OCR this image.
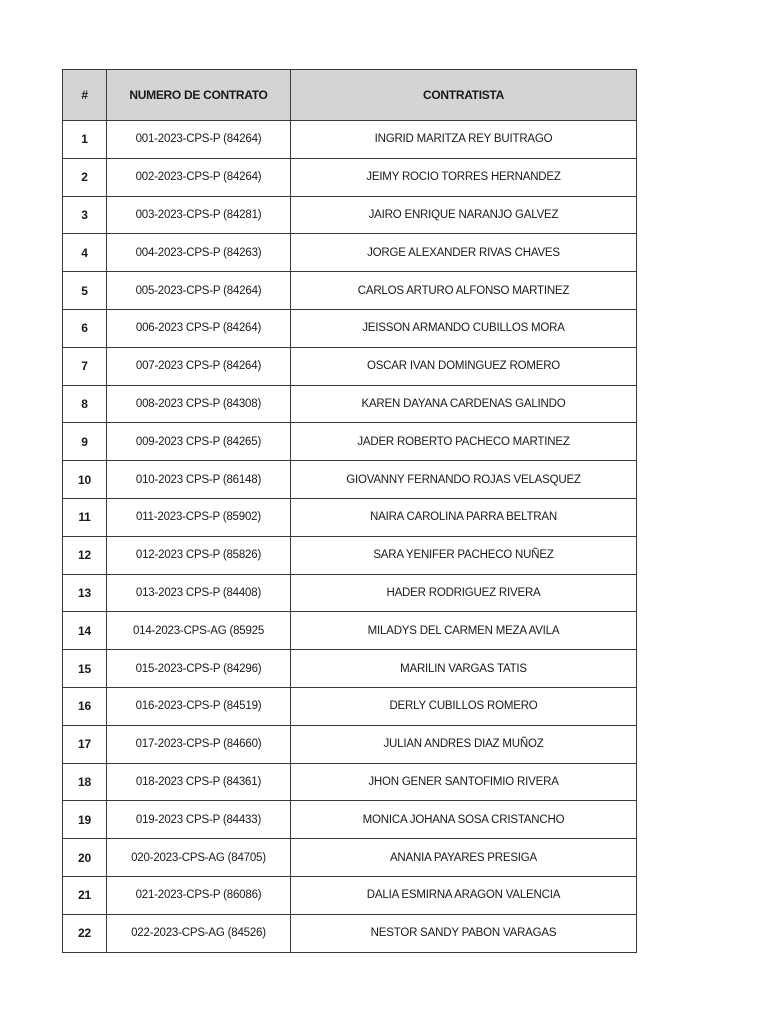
#	NUMERO DE CONTRATO	CONTRATISTA
1	001-2023-CPS-P (84264)	INGRID MARITZA REY BUITRAGO
2	002-2023-CPS-P (84264)	JEIMY ROCIO TORRES HERNANDEZ
3	003-2023-CPS-P (84281)	JAIRO ENRIQUE NARANJO GALVEZ
4	004-2023-CPS-P (84263)	JORGE ALEXANDER RIVAS CHAVES
5	005-2023-CPS-P (84264)	CARLOS ARTURO ALFONSO MARTINEZ
6	006-2023 CPS-P (84264)	JEISSON ARMANDO CUBILLOS MORA
7	007-2023 CPS-P (84264)	OSCAR IVAN DOMINGUEZ ROMERO
8	008-2023 CPS-P (84308)	KAREN DAYANA CARDENAS GALINDO
9	009-2023 CPS-P (84265)	JADER ROBERTO PACHECO MARTINEZ
10	010-2023 CPS-P (86148)	GIOVANNY FERNANDO ROJAS VELASQUEZ
11	011-2023-CPS-P (85902)	NAIRA CAROLINA PARRA BELTRAN
12	012-2023 CPS-P (85826)	SARA YENIFER PACHECO NUÑEZ
13	013-2023 CPS-P (84408)	HADER RODRIGUEZ RIVERA
14	014-2023-CPS-AG (85925	MILADYS DEL CARMEN MEZA AVILA
15	015-2023-CPS-P (84296)	MARILIN VARGAS TATIS
16	016-2023-CPS-P (84519)	DERLY CUBILLOS ROMERO
17	017-2023-CPS-P (84660)	JULIAN ANDRES DIAZ MUÑOZ
18	018-2023 CPS-P (84361)	JHON GENER SANTOFIMIO RIVERA
19	019-2023 CPS-P (84433)	MONICA JOHANA SOSA CRISTANCHO
20	020-2023-CPS-AG (84705)	ANANIA PAYARES PRESIGA
21	021-2023-CPS-P (86086)	DALIA ESMIRNA ARAGON VALENCIA
22	022-2023-CPS-AG (84526)	NESTOR SANDY PABON VARAGAS
